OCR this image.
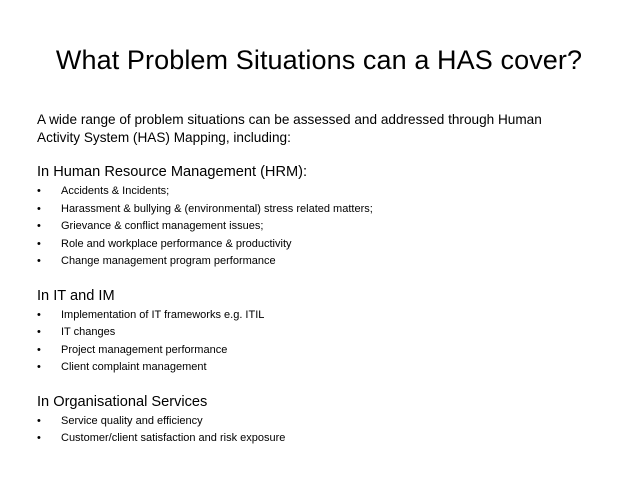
What Problem Situations can a HAS cover?

A wide range of problem situations can be assessed and addressed through Human Activity System (HAS) Mapping, including:

In Human Resource Management (HRM):
• Accidents & Incidents;
• Harassment & bullying & (environmental) stress related matters;
• Grievance & conflict management issues;
• Role and workplace performance & productivity
• Change management program performance
In IT and IM
• Implementation of IT frameworks e.g. ITIL
• IT changes
• Project management performance
• Client complaint management
In Organisational Services
• Service quality and efficiency
• Customer/client satisfaction and risk exposure
